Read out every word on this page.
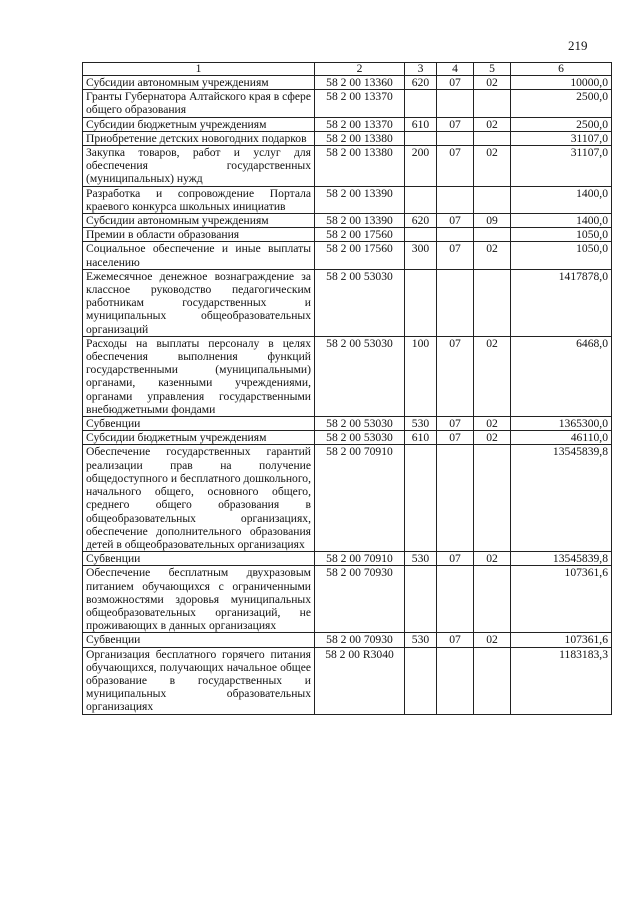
219
1	2	3	4	5	6
Субсидии автономным учреждениям	58 2 00 13360	620	07	02	10000,0
Гранты Губернатора Алтайского края в сфере общего образования	58 2 00 13370				2500,0
Субсидии бюджетным учреждениям	58 2 00 13370	610	07	02	2500,0
Приобретение детских новогодних подарков	58 2 00 13380				31107,0
Закупка товаров, работ и услуг для обеспечения государственных (муниципальных) нужд	58 2 00 13380	200	07	02	31107,0
Разработка и сопровождение Портала краевого конкурса школьных инициатив	58 2 00 13390				1400,0
Субсидии автономным учреждениям	58 2 00 13390	620	07	09	1400,0
Премии в области образования	58 2 00 17560				1050,0
Социальное обеспечение и иные выплаты населению	58 2 00 17560	300	07	02	1050,0
Ежемесячное денежное вознаграждение за классное руководство педагогическим работникам государственных и муниципальных общеобразовательных организаций	58 2 00 53030				1417878,0
Расходы на выплаты персоналу в целях обеспечения выполнения функций государственными (муниципальными) органами, казенными учреждениями, органами управления государственными внебюджетными фондами	58 2 00 53030	100	07	02	6468,0
Субвенции	58 2 00 53030	530	07	02	1365300,0
Субсидии бюджетным учреждениям	58 2 00 53030	610	07	02	46110,0
Обеспечение государственных гарантий реализации прав на получение общедоступного и бесплатного дошкольного, начального общего, основного общего, среднего общего образования в общеобразовательных организациях, обеспечение дополнительного образования детей в общеобразовательных организациях	58 2 00 70910				13545839,8
Субвенции	58 2 00 70910	530	07	02	13545839,8
Обеспечение бесплатным двухразовым питанием обучающихся с ограниченными возможностями здоровья муниципальных общеобразовательных организаций, не проживающих в данных организациях	58 2 00 70930				107361,6
Субвенции	58 2 00 70930	530	07	02	107361,6
Организация бесплатного горячего питания обучающихся, получающих начальное общее образование в государственных и муниципальных образовательных организациях	58 2 00 R3040				1183183,3
